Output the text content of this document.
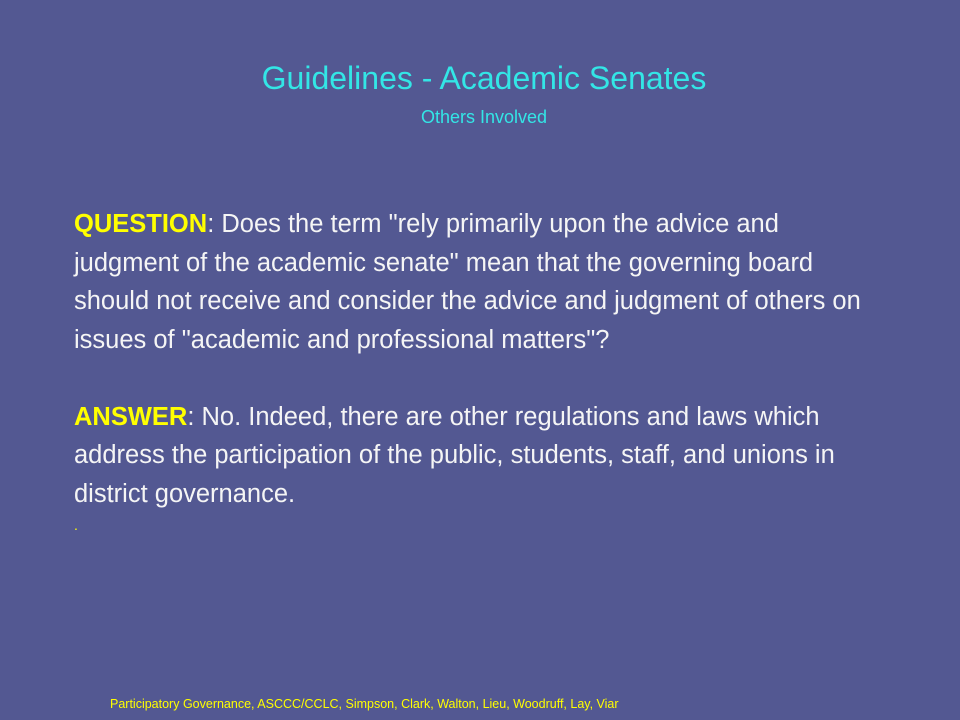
Guidelines - Academic Senates
Others Involved

QUESTION: Does the term "rely primarily upon the advice and judgment of the academic senate" mean that the governing board should not receive and consider the advice and judgment of others on issues of "academic and professional matters"?

ANSWER: No. Indeed, there are other regulations and laws which address the participation of the public, students, staff, and unions in district governance.

.
Participatory Governance, ASCCC/CCLC, Simpson, Clark, Walton, Lieu, Woodruff, Lay, Viar
